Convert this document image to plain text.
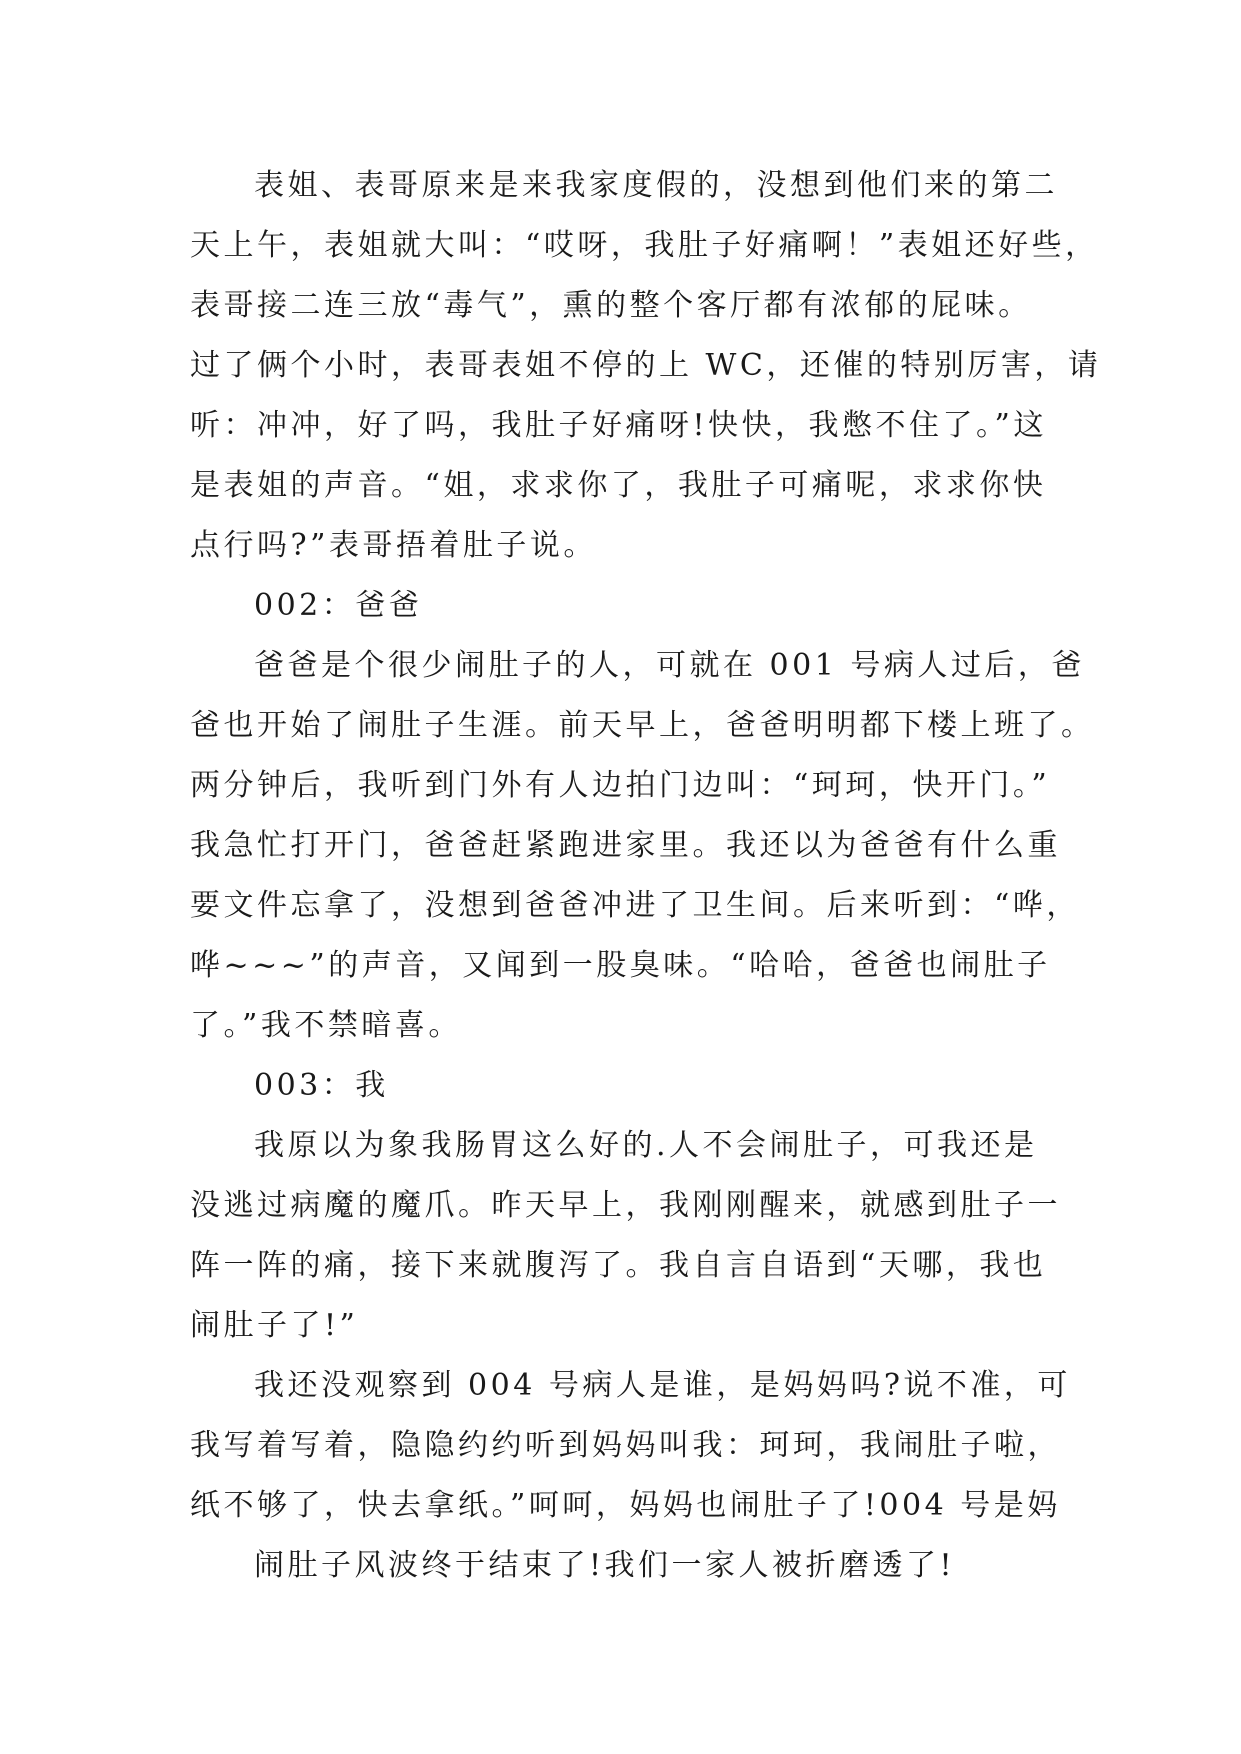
表姐、表哥原来是来我家度假的，没想到他们来的第二
天上午，表姐就大叫：“哎呀，我肚子好痛啊！”表姐还好些，
表哥接二连三放“毒气”，熏的整个客厅都有浓郁的屁味。
过了俩个小时，表哥表姐不停的上 WC，还催的特别厉害，请
听：冲冲，好了吗，我肚子好痛呀!快快，我憋不住了。”这
是表姐的声音。“姐，求求你了，我肚子可痛呢，求求你快
点行吗?”表哥捂着肚子说。

002：爸爸

爸爸是个很少闹肚子的人，可就在 001 号病人过后，爸
爸也开始了闹肚子生涯。前天早上，爸爸明明都下楼上班了。
两分钟后，我听到门外有人边拍门边叫：“珂珂，快开门。”
我急忙打开门，爸爸赶紧跑进家里。我还以为爸爸有什么重
要文件忘拿了，没想到爸爸冲进了卫生间。后来听到：“哗，
哗~~~”的声音，又闻到一股臭味。“哈哈，爸爸也闹肚子
了。”我不禁暗喜。

003：我

我原以为象我肠胃这么好的.人不会闹肚子，可我还是
没逃过病魔的魔爪。昨天早上，我刚刚醒来，就感到肚子一
阵一阵的痛，接下来就腹泻了。我自言自语到“天哪，我也
闹肚子了!”

我还没观察到 004 号病人是谁，是妈妈吗?说不准，可
我写着写着，隐隐约约听到妈妈叫我：珂珂，我闹肚子啦，
纸不够了，快去拿纸。”呵呵，妈妈也闹肚子了!004 号是妈

闹肚子风波终于结束了!我们一家人被折磨透了!
